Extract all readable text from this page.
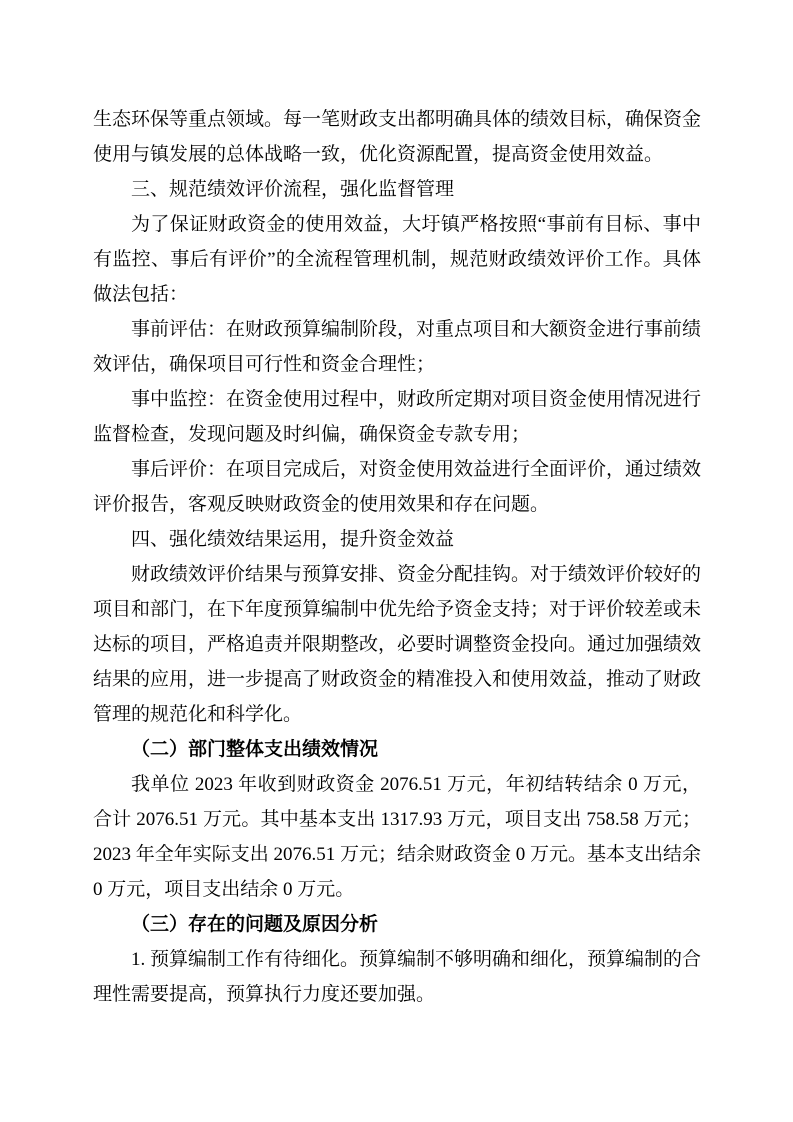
生态环保等重点领域。每一笔财政支出都明确具体的绩效目标，确保资金使用与镇发展的总体战略一致，优化资源配置，提高资金使用效益。

三、规范绩效评价流程，强化监督管理

为了保证财政资金的使用效益，大圩镇严格按照“事前有目标、事中有监控、事后有评价”的全流程管理机制，规范财政绩效评价工作。具体做法包括：

事前评估：在财政预算编制阶段，对重点项目和大额资金进行事前绩效评估，确保项目可行性和资金合理性；

事中监控：在资金使用过程中，财政所定期对项目资金使用情况进行监督检查，发现问题及时纠偏，确保资金专款专用；

事后评价：在项目完成后，对资金使用效益进行全面评价，通过绩效评价报告，客观反映财政资金的使用效果和存在问题。

四、强化绩效结果运用，提升资金效益

财政绩效评价结果与预算安排、资金分配挂钩。对于绩效评价较好的项目和部门，在下年度预算编制中优先给予资金支持；对于评价较差或未达标的项目，严格追责并限期整改，必要时调整资金投向。通过加强绩效结果的应用，进一步提高了财政资金的精准投入和使用效益，推动了财政管理的规范化和科学化。

（二）部门整体支出绩效情况

我单位 2023 年收到财政资金 2076.51 万元，年初结转结余 0 万元，合计 2076.51 万元。其中基本支出 1317.93 万元，项目支出 758.58 万元；2023 年全年实际支出 2076.51 万元；结余财政资金 0 万元。基本支出结余 0 万元，项目支出结余 0 万元。

（三）存在的问题及原因分析

1. 预算编制工作有待细化。预算编制不够明确和细化，预算编制的合理性需要提高，预算执行力度还要加强。
